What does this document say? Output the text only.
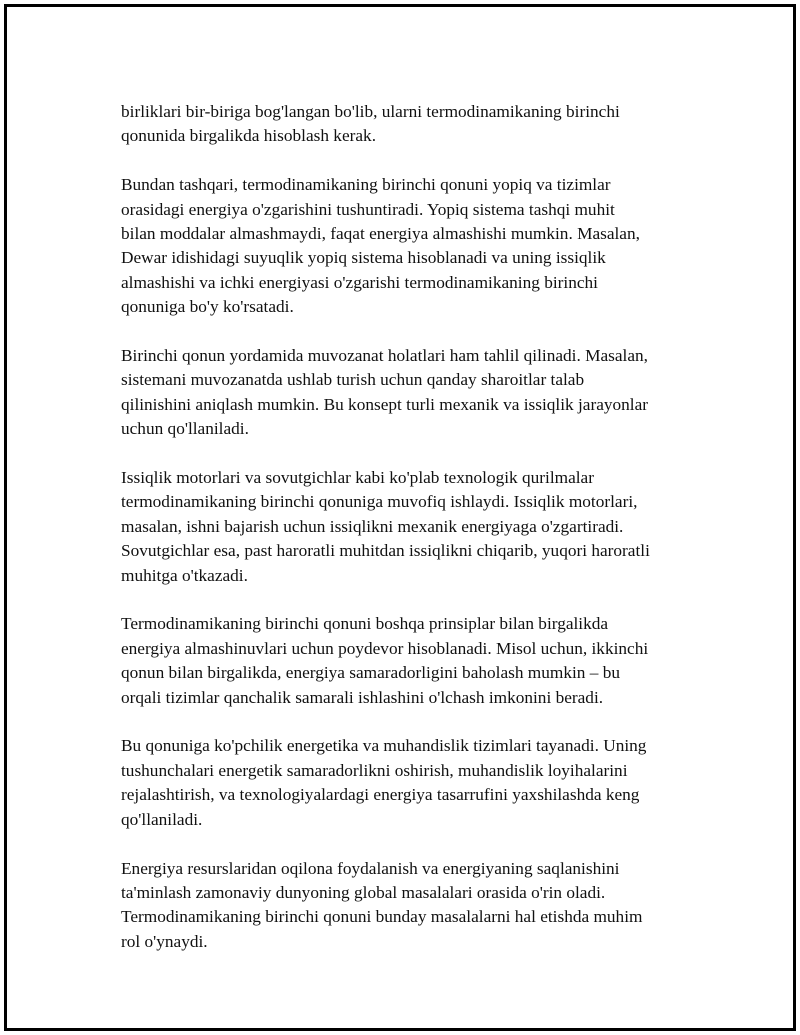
birliklari bir-biriga bog'langan bo'lib, ularni termodinamikaning birinchi
qonunida birgalikda hisoblash kerak.

Bundan tashqari, termodinamikaning birinchi qonuni yopiq va tizimlar
orasidagi energiya o'zgarishini tushuntiradi. Yopiq sistema tashqi muhit
bilan moddalar almashmaydi, faqat energiya almashishi mumkin. Masalan,
Dewar idishidagi suyuqlik yopiq sistema hisoblanadi va uning issiqlik
almashishi va ichki energiyasi o'zgarishi termodinamikaning birinchi
qonuniga bo'y ko'rsatadi.

Birinchi qonun yordamida muvozanat holatlari ham tahlil qilinadi. Masalan,
sistemani muvozanatda ushlab turish uchun qanday sharoitlar talab
qilinishini aniqlash mumkin. Bu konsept turli mexanik va issiqlik jarayonlar
uchun qo'llaniladi.

Issiqlik motorlari va sovutgichlar kabi ko'plab texnologik qurilmalar
termodinamikaning birinchi qonuniga muvofiq ishlaydi. Issiqlik motorlari,
masalan, ishni bajarish uchun issiqlikni mexanik energiyaga o'zgartiradi.
Sovutgichlar esa, past haroratli muhitdan issiqlikni chiqarib, yuqori haroratli
muhitga o'tkazadi.

Termodinamikaning birinchi qonuni boshqa prinsiplar bilan birgalikda
energiya almashinuvlari uchun poydevor hisoblanadi. Misol uchun, ikkinchi
qonun bilan birgalikda, energiya samaradorligini baholash mumkin – bu
orqali tizimlar qanchalik samarali ishlashini o'lchash imkonini beradi.

Bu qonuniga ko'pchilik energetika va muhandislik tizimlari tayanadi. Uning
tushunchalari energetik samaradorlikni oshirish, muhandislik loyihalarini
rejalashtirish, va texnologiyalardagi energiya tasarrufini yaxshilashda keng
qo'llaniladi.

Energiya resurslaridan oqilona foydalanish va energiyaning saqlanishini
ta'minlash zamonaviy dunyoning global masalalari orasida o'rin oladi.
Termodinamikaning birinchi qonuni bunday masalalarni hal etishda muhim
rol o'ynaydi.
